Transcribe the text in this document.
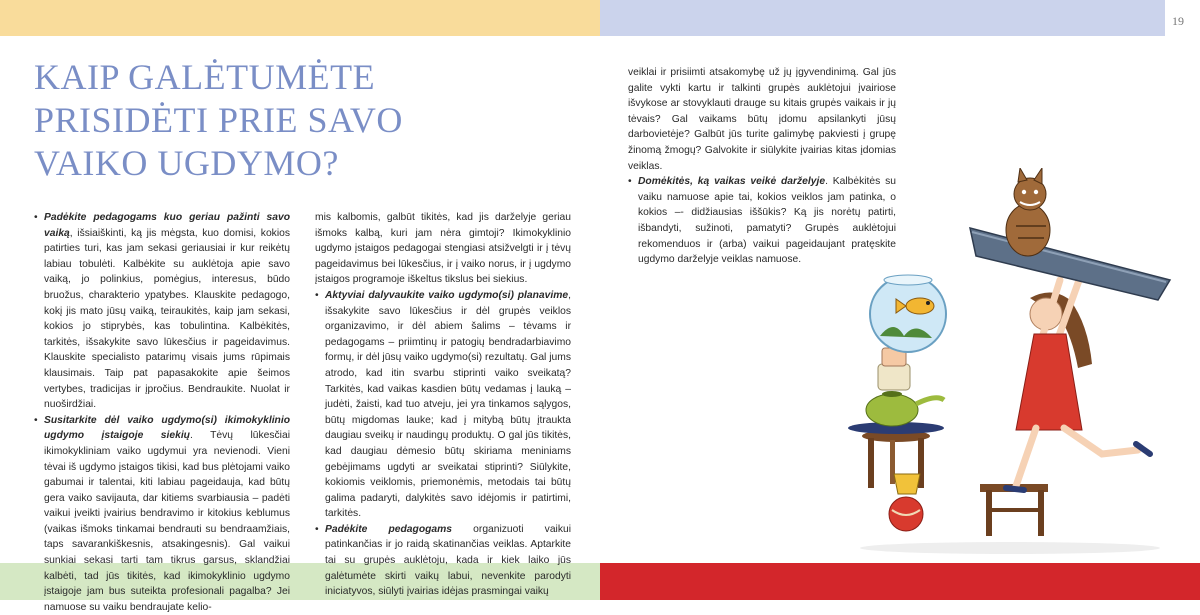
19
KAIP GALĖTUMĖTE PRISIDĖTI PRIE SAVO VAIKO UGDYMO?

• Padėkite pedagogams kuo geriau pažinti savo vaiką, išsiaiškinti, ką jis mėgsta, kuo domisi, kokios patirties turi, kas jam sekasi geriausiai ir kur reikėtų labiau tobulėti. Kalbėkite su auklėtoja apie savo vaiką, jo polinkius, pomėgius, interesus, būdo bruožus, charakterio ypatybes. Klauskite pedagogo, kokį jis mato jūsų vaiką, teiraukitės, kaip jam sekasi, kokios jo stiprybės, kas tobulintina. Kalbėkitės, tarkitės, išsakykite savo lūkesčius ir pageidavimus. Klauskite specialisto patarimų visais jums rūpimais klausimais. Taip pat papasakokite apie šeimos vertybes, tradicijas ir įpročius. Bendraukite. Nuolat ir nuoširdžiai.

• Susitarkite dėl vaiko ugdymo(si) ikimokyklinio ugdymo įstaigoje siekių. Tėvų lūkesčiai ikimokykliniam vaiko ugdymui yra nevienodi. Vieni tėvai iš ugdymo įstaigos tikisi, kad bus plėtojami vaiko gabumai ir talentai, kiti labiau pageidauja, kad būtų gera vaiko savijauta, dar kitiems svarbiausia – padėti vaikui įveikti įvairius bendravimo ir kitokius keblumus (vaikas išmoks tinkamai bendrauti su bendraamžiais, taps savarankiškesnis, atsakingesnis). Gal vaikui sunkiai sekasi tarti tam tikrus garsus, sklandžiai kalbėti, tad jūs tikitės, kad ikimokyklinio ugdymo įstaigoje jam bus suteikta profesionali pagalba? Jei namuose su vaiku bendraujate kelio-

mis kalbomis, galbūt tikitės, kad jis darželyje geriau išmoks kalbą, kuri jam nėra gimtoji? Ikimokyklinio ugdymo įstaigos pedagogai stengiasi atsižvelgti ir į tėvų pageidavimus bei lūkesčius, ir į vaiko norus, ir į ugdymo įstaigos programoje iškeltus tikslus bei siekius.

• Aktyviai dalyvaukite vaiko ugdymo(si) planavime, išsakykite savo lūkesčius ir dėl grupės veiklos organizavimo, ir dėl abiem šalims – tėvams ir pedagogams – priimtinų ir patogių bendradarbiavimo formų, ir dėl jūsų vaiko ugdymo(si) rezultatų. Gal jums atrodo, kad itin svarbu stiprinti vaiko sveikatą? Tarkitės, kad vaikas kasdien būtų vedamas į lauką – judėti, žaisti, kad tuo atveju, jei yra tinkamos sąlygos, būtų migdomas lauke; kad į mitybą būtų įtraukta daugiau sveikų ir naudingų produktų. O gal jūs tikitės, kad daugiau dėmesio būtų skiriama meniniams gebėjimams ugdyti ar sveikatai stiprinti? Siūlykite, kokiomis veiklomis, priemonėmis, metodais tai būtų galima padaryti, dalykitės savo idėjomis ir patirtimi, tarkitės.

• Padėkite pedagogams organizuoti vaikui patinkančias ir jo raidą skatinančias veiklas. Aptarkite tai su grupės auklėtoju, kada ir kiek laiko jūs galėtumėte skirti vaikų labui, nevenkite parodyti iniciatyvos, siūlyti įvairias idėjas prasmingai vaikų

veiklai ir prisiimti atsakomybę už jų įgyvendinimą. Gal jūs galite vykti kartu ir talkinti grupės auklėtojui įvairiose išvykose ar stovyklauti drauge su kitais grupės vaikais ir jų tėvais? Gal vaikams būtų įdomu apsilankyti jūsų darbovietėje? Galbūt jūs turite galimybę pakviesti į grupę žinomą žmogų? Galvokite ir siūlykite įvairias kitas įdomias veiklas.

• Domėkitės, ką vaikas veikė darželyje. Kalbėkitės su vaiku namuose apie tai, kokios veiklos jam patinka, o kokios –- didžiausias iššūkis? Ką jis norėtų patirti, išbandyti, sužinoti, pamatyti? Grupės auklėtojui rekomenduos ir (arba) vaikui pageidaujant pratęskite ugdymo darželyje veiklas namuose.
